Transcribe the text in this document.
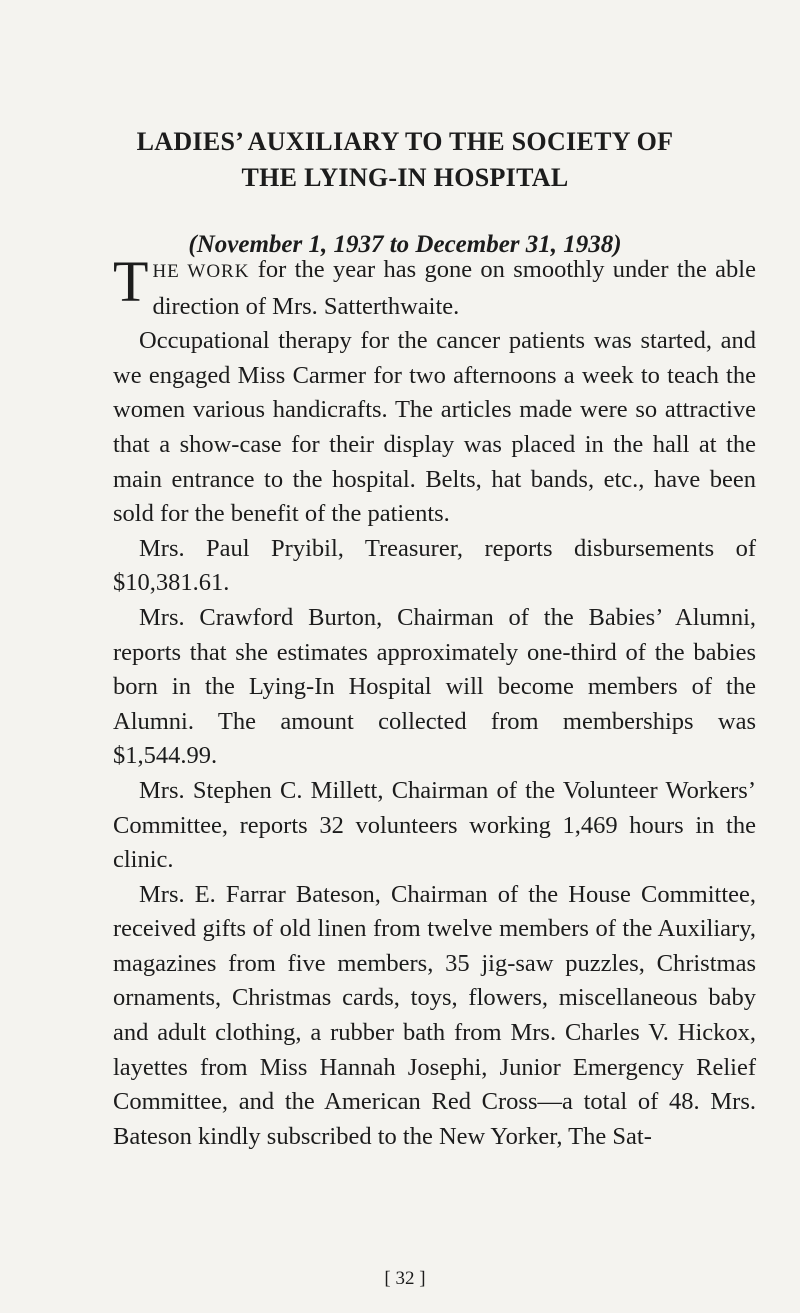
LADIES’ AUXILIARY TO THE SOCIETY OF
THE LYING-IN HOSPITAL

(November 1, 1937 to December 31, 1938)

THE WORK for the year has gone on smoothly under the able direction of Mrs. Satterthwaite.

Occupational therapy for the cancer patients was started, and we engaged Miss Carmer for two afternoons a week to teach the women various handicrafts. The articles made were so attractive that a show-case for their display was placed in the hall at the main entrance to the hospital. Belts, hat bands, etc., have been sold for the benefit of the patients.

Mrs. Paul Pryibil, Treasurer, reports disbursements of $10,381.61.

Mrs. Crawford Burton, Chairman of the Babies’ Alumni, reports that she estimates approximately one-third of the babies born in the Lying-In Hospital will become members of the Alumni. The amount collected from memberships was $1,544.99.

Mrs. Stephen C. Millett, Chairman of the Volunteer Workers’ Committee, reports 32 volunteers working 1,469 hours in the clinic.

Mrs. E. Farrar Bateson, Chairman of the House Committee, received gifts of old linen from twelve members of the Auxiliary, magazines from five members, 35 jig-saw puzzles, Christmas ornaments, Christmas cards, toys, flowers, miscellaneous baby and adult clothing, a rubber bath from Mrs. Charles V. Hickox, layettes from Miss Hannah Josephi, Junior Emergency Relief Committee, and the American Red Cross—a total of 48. Mrs. Bateson kindly subscribed to the New Yorker, The Sat-

[ 32 ]
